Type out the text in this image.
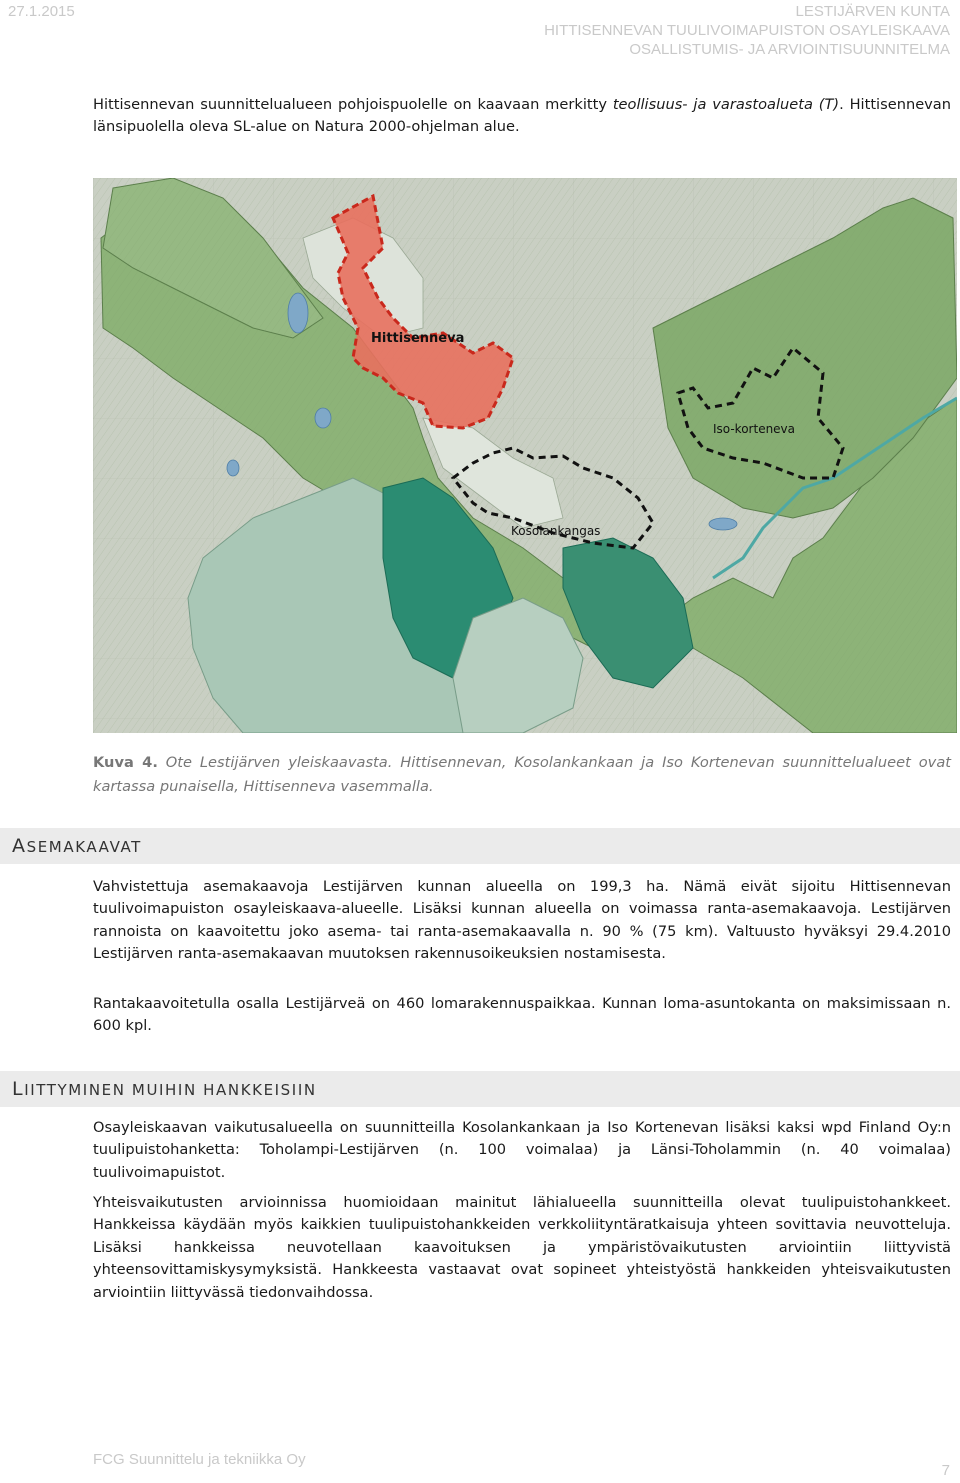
27.1.2015	LESTIJÄRVEN KUNTA
HITTISENNEVAN TUULIVOIMAPUISTON OSAYLEISKAAVA
OSALLISTUMIS- JA ARVIOINTISUUNNITELMA

Hittisennevan suunnittelualueen pohjoispuolelle on kaavaan merkitty teollisuus- ja varastoalueta (T). Hittisennevan länsipuolella oleva SL-alue on Natura 2000-ohjelman alue.

Hittisenneva
Iso-korteneva
Kosolankangas

Kuva 4. Ote Lestijärven yleiskaavasta. Hittisennevan, Kosolankankaan ja Iso Kortenevan suunnittelualueet ovat kartassa punaisella, Hittisenneva vasemmalla.

ASEMAKAAVAT

Vahvistettuja asemakaavoja Lestijärven kunnan alueella on 199,3 ha. Nämä eivät sijoitu Hittisennevan tuulivoimapuiston osayleiskaava-alueelle. Lisäksi kunnan alueella on voimassa ranta-asemakaavoja. Lestijärven rannoista on kaavoitettu joko asema- tai ranta-asemakaavalla n. 90 % (75 km). Valtuusto hyväksyi 29.4.2010 Lestijärven ranta-asemakaavan muutoksen rakennusoikeuksien nostamisesta.

Rantakaavoitetulla osalla Lestijärveä on 460 lomarakennuspaikkaa. Kunnan loma-asuntokanta on maksimissaan n. 600 kpl.

LIITTYMINEN MUIHIN HANKKEISIIN

Osayleiskaavan vaikutusalueella on suunnitteilla Kosolankankaan ja Iso Kortenevan lisäksi kaksi wpd Finland Oy:n tuulipuistohanketta: Toholampi-Lestijärven (n. 100 voimalaa) ja Länsi-Toholammin (n. 40 voimalaa) tuulivoimapuistot.

Yhteisvaikutusten arvioinnissa huomioidaan mainitut lähialueella suunnitteilla olevat tuulipuistohankkeet. Hankkeissa käydään myös kaikkien tuulipuistohankkeiden verkkoliityntäratkaisuja yhteen sovittavia neuvotteluja. Lisäksi hankkeissa neuvotellaan kaavoituksen ja ympäristövaikutusten arviointiin liittyvistä yhteensovittamiskysymyksistä. Hankkeesta vastaavat ovat sopineet yhteistyöstä hankkeiden yhteisvaikutusten arviointiin liittyvässä tiedonvaihdossa.

FCG Suunnittelu ja tekniikka Oy
7
